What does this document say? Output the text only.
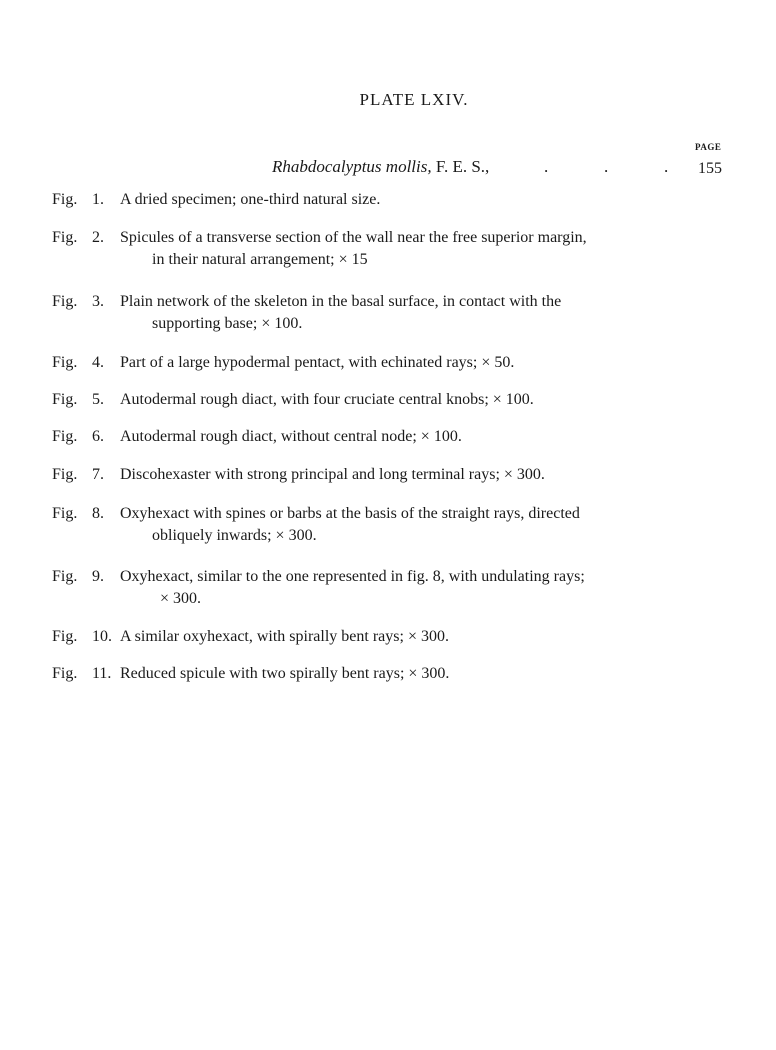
PLATE LXIV.
PAGE
Rhabdocalyptus mollis, F. E. S.,	.	.	. 155
Fig. 1.	A dried specimen; one-third natural size.
Fig. 2.	Spicules of a transverse section of the wall near the free superior margin,
in their natural arrangement; × 15
Fig. 3.	Plain network of the skeleton in the basal surface, in contact with the
supporting base; × 100.
Fig. 4.	Part of a large hypodermal pentact, with echinated rays; × 50.
Fig. 5.	Autodermal rough diact, with four cruciate central knobs; × 100.
Fig. 6.	Autodermal rough diact, without central node; × 100.
Fig. 7.	Discohexaster with strong principal and long terminal rays; × 300.
Fig. 8.	Oxyhexact with spines or barbs at the basis of the straight rays, directed
obliquely inwards; × 300.
Fig. 9.	Oxyhexact, similar to the one represented in fig. 8, with undulating rays;
× 300.
Fig. 10. A similar oxyhexact, with spirally bent rays; × 300.
Fig. 11. Reduced spicule with two spirally bent rays; × 300.
